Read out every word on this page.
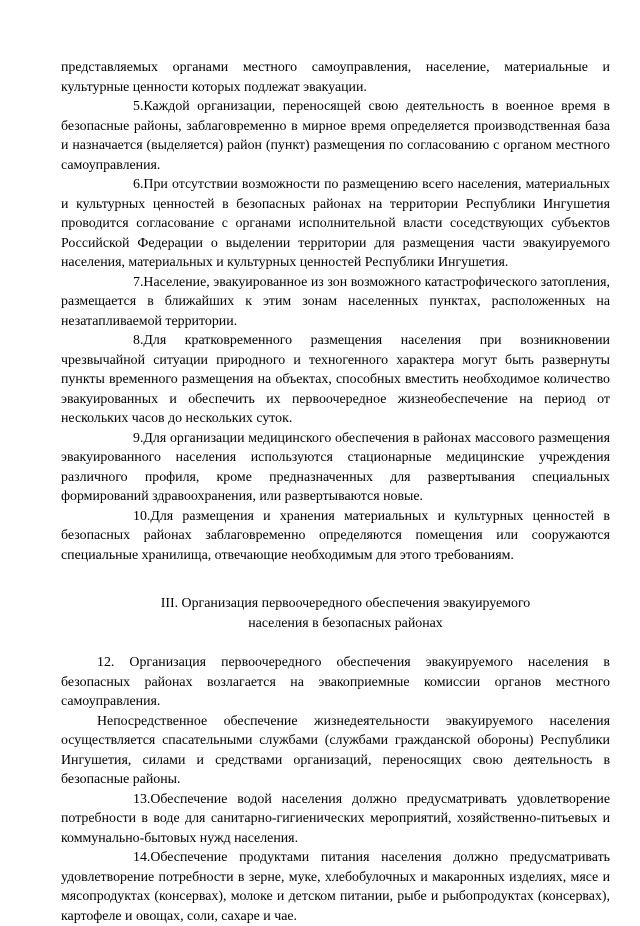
представляемых органами местного самоуправления, население, материальные и культурные ценности которых подлежат эвакуации.

5.Каждой организации, переносящей свою деятельность в военное время в безопасные районы, заблаговременно в мирное время определяется производственная база и назначается (выделяется) район (пункт) размещения по согласованию с органом местного самоуправления.

6.При отсутствии возможности по размещению всего населения, материальных и культурных ценностей в безопасных районах на территории Республики Ингушетия проводится согласование с органами исполнительной власти соседствующих субъектов Российской Федерации о выделении территории для размещения части эвакуируемого населения, материальных и культурных ценностей Республики Ингушетия.

7.Население, эвакуированное из зон возможного катастрофического затопления, размещается в ближайших к этим зонам населенных пунктах, расположенных на незатапливаемой территории.

8.Для кратковременного размещения населения при возникновении чрезвычайной ситуации природного и техногенного характера могут быть развернуты пункты временного размещения на объектах, способных вместить необходимое количество эвакуированных и обеспечить их первоочередное жизнеобеспечение на период от нескольких часов до нескольких суток.

9.Для организации медицинского обеспечения в районах массового размещения эвакуированного населения используются стационарные медицинские учреждения различного профиля, кроме предназначенных для развертывания специальных формирований здравоохранения, или развертываются новые.

10.Для размещения и хранения материальных и культурных ценностей в безопасных районах заблаговременно определяются помещения или сооружаются специальные хранилища, отвечающие необходимым для этого требованиям.

III. Организация первоочередного обеспечения эвакуируемого
населения в безопасных районах

12. Организация первоочередного обеспечения эвакуируемого населения в безопасных районах возлагается на эвакоприемные комиссии органов местного самоуправления.

Непосредственное обеспечение жизнедеятельности эвакуируемого населения осуществляется спасательными службами (службами гражданской обороны) Республики Ингушетия, силами и средствами организаций, переносящих свою деятельность в безопасные районы.

13.Обеспечение водой населения должно предусматривать удовлетворение потребности в воде для санитарно-гигиенических мероприятий, хозяйственно-питьевых и коммунально-бытовых нужд населения.

14.Обеспечение продуктами питания населения должно предусматривать удовлетворение потребности в зерне, муке, хлебобулочных и макаронных изделиях, мясе и мясопродуктах (консервах), молоке и детском питании, рыбе и рыбопродуктах (консервах), картофеле и овощах, соли, сахаре и чае.
